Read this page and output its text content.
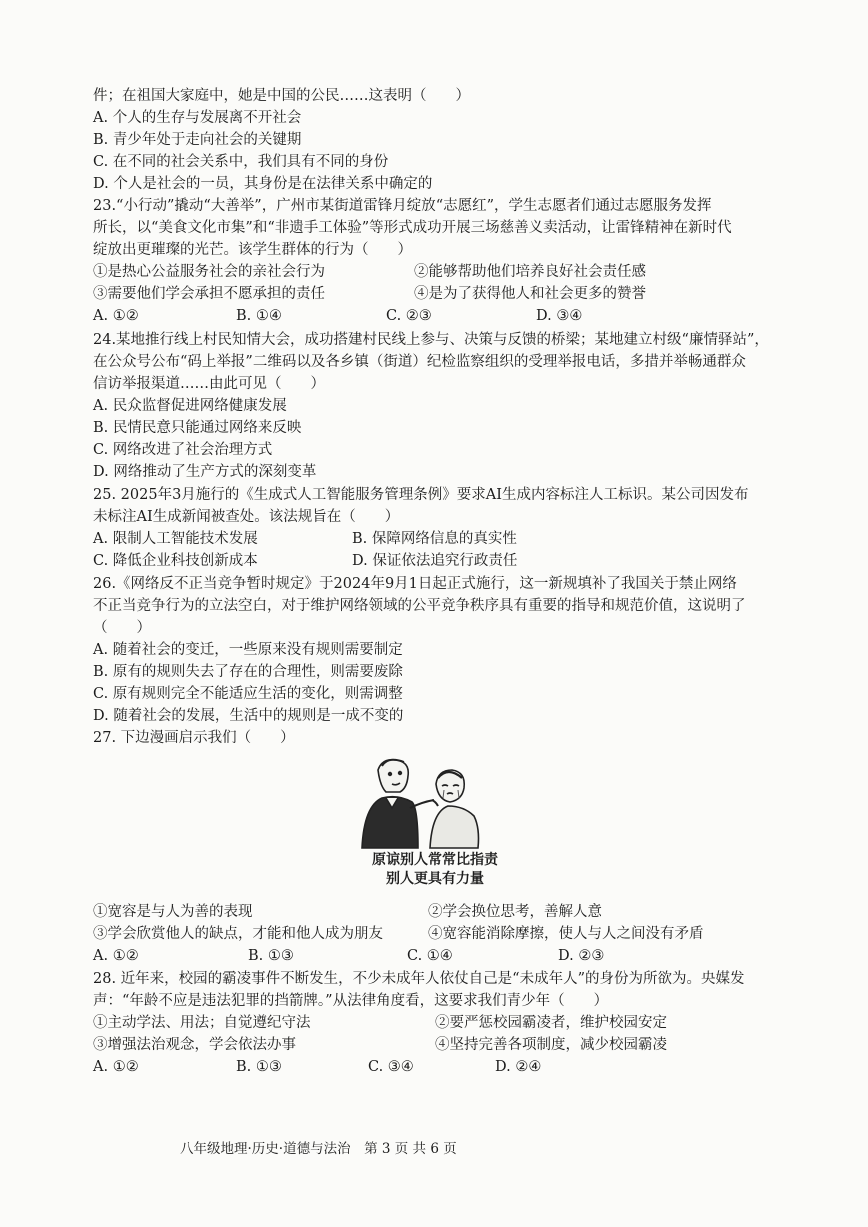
件；在祖国大家庭中，她是中国的公民……这表明（　　）
A. 个人的生存与发展离不开社会
B. 青少年处于走向社会的关键期
C. 在不同的社会关系中，我们具有不同的身份
D. 个人是社会的一员，其身份是在法律关系中确定的
23.“小行动”撬动“大善举”，广州市某街道雷锋月绽放“志愿红”，学生志愿者们通过志愿服务发挥
所长，以“美食文化市集”和“非遗手工体验”等形式成功开展三场慈善义卖活动，让雷锋精神在新时代
绽放出更璀璨的光芒。该学生群体的行为（　　）
①是热心公益服务社会的亲社会行为	②能够帮助他们培养良好社会责任感
③需要他们学会承担不愿承担的责任	④是为了获得他人和社会更多的赞誉
A. ①②	B. ①④	C. ②③	D. ③④
24.某地推行线上村民知情大会，成功搭建村民线上参与、决策与反馈的桥梁；某地建立村级“廉情驿站”，
在公众号公布“码上举报”二维码以及各乡镇（街道）纪检监察组织的受理举报电话，多措并举畅通群众
信访举报渠道……由此可见（　　）
A. 民众监督促进网络健康发展
B. 民情民意只能通过网络来反映
C. 网络改进了社会治理方式
D. 网络推动了生产方式的深刻变革
25. 2025年3月施行的《生成式人工智能服务管理条例》要求AI生成内容标注人工标识。某公司因发布
未标注AI生成新闻被查处。该法规旨在（　　）
A. 限制人工智能技术发展	B. 保障网络信息的真实性
C. 降低企业科技创新成本	D. 保证依法追究行政责任
26.《网络反不正当竞争暂时规定》于2024年9月1日起正式施行，这一新规填补了我国关于禁止网络
不正当竞争行为的立法空白，对于维护网络领域的公平竞争秩序具有重要的指导和规范价值，这说明了
（　　）
A. 随着社会的变迁，一些原来没有规则需要制定
B. 原有的规则失去了存在的合理性，则需要废除
C. 原有规则完全不能适应生活的变化，则需调整
D. 随着社会的发展，生活中的规则是一成不变的
27. 下边漫画启示我们（　　）
原谅别人常常比指责
别人更具有力量
①宽容是与人为善的表现	②学会换位思考，善解人意
③学会欣赏他人的缺点，才能和他人成为朋友	④宽容能消除摩擦，使人与人之间没有矛盾
A. ①②	B. ①③	C. ①④	D. ②③
28. 近年来，校园的霸凌事件不断发生，不少未成年人依仗自己是“未成年人”的身份为所欲为。央媒发
声：“年龄不应是违法犯罪的挡箭牌。”从法律角度看，这要求我们青少年（　　）
①主动学法、用法；自觉遵纪守法	②要严惩校园霸凌者，维护校园安定
③增强法治观念，学会依法办事	④坚持完善各项制度，减少校园霸凌
A. ①②	B. ①③	C. ③④	D. ②④
八年级地理·历史·道德与法治　第 3 页 共 6 页
